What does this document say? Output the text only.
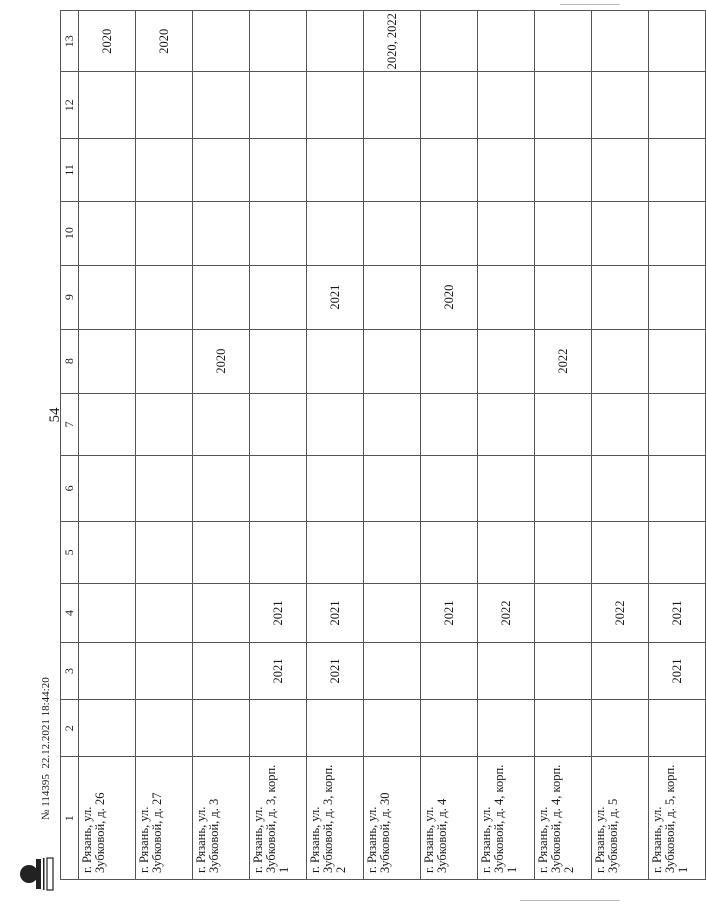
54
1	2	3	4	5	6	7	8	9	10	11	12	13
г. Рязань, ул. Зубковой, д. 26												2020
г. Рязань, ул. Зубковой, д. 27												2020
г. Рязань, ул. Зубковой, д. 3							2020					
г. Рязань, ул. Зубковой, д. 3, корп. 1		2021	2021									
г. Рязань, ул. Зубковой, д. 3, корп. 2		2021	2021					2021				
г. Рязань, ул. Зубковой, д. 30												2020, 2022
г. Рязань, ул. Зубковой, д. 4			2021					2020				
г. Рязань, ул. Зубковой, д. 4, корп. 1			2022									
г. Рязань, ул. Зубковой, д. 4, корп. 2							2022					
г. Рязань, ул. Зубковой, д. 5			2022									
г. Рязань, ул. Зубковой, д. 5, корп. 1		2021	2021									
№ 114395  22.12.2021 18:44:20
